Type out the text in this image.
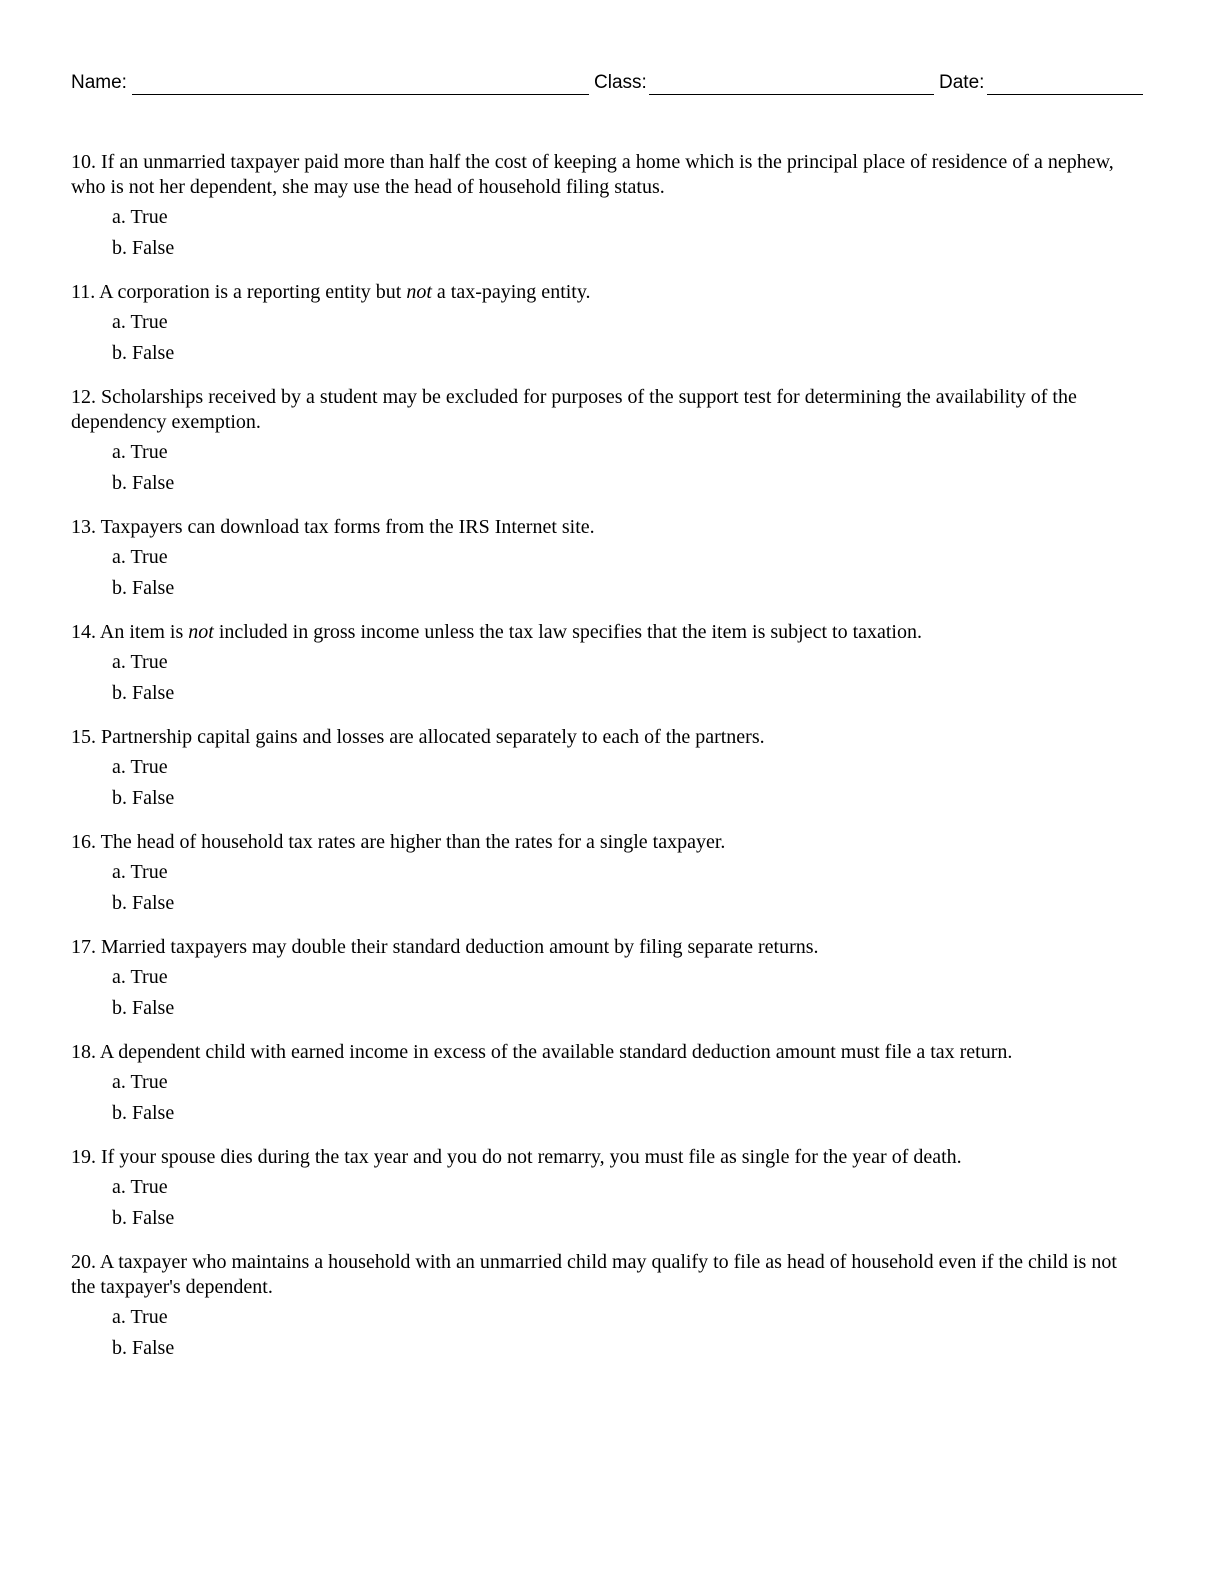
Name:	Class:	Date:

10. If an unmarried taxpayer paid more than half the cost of keeping a home which is the principal place of residence of a nephew, who is not her dependent, she may use the head of household filing status.

a. True
b. False

11. A corporation is a reporting entity but not a tax-paying entity.

a. True
b. False

12. Scholarships received by a student may be excluded for purposes of the support test for determining the availability of the dependency exemption.

a. True
b. False

13. Taxpayers can download tax forms from the IRS Internet site.

a. True
b. False

14. An item is not included in gross income unless the tax law specifies that the item is subject to taxation.

a. True
b. False

15. Partnership capital gains and losses are allocated separately to each of the partners.

a. True
b. False

16. The head of household tax rates are higher than the rates for a single taxpayer.

a. True
b. False

17. Married taxpayers may double their standard deduction amount by filing separate returns.

a. True
b. False

18. A dependent child with earned income in excess of the available standard deduction amount must file a tax return.

a. True
b. False

19. If your spouse dies during the tax year and you do not remarry, you must file as single for the year of death.

a. True
b. False

20. A taxpayer who maintains a household with an unmarried child may qualify to file as head of household even if the child is not the taxpayer's dependent.

a. True
b. False
